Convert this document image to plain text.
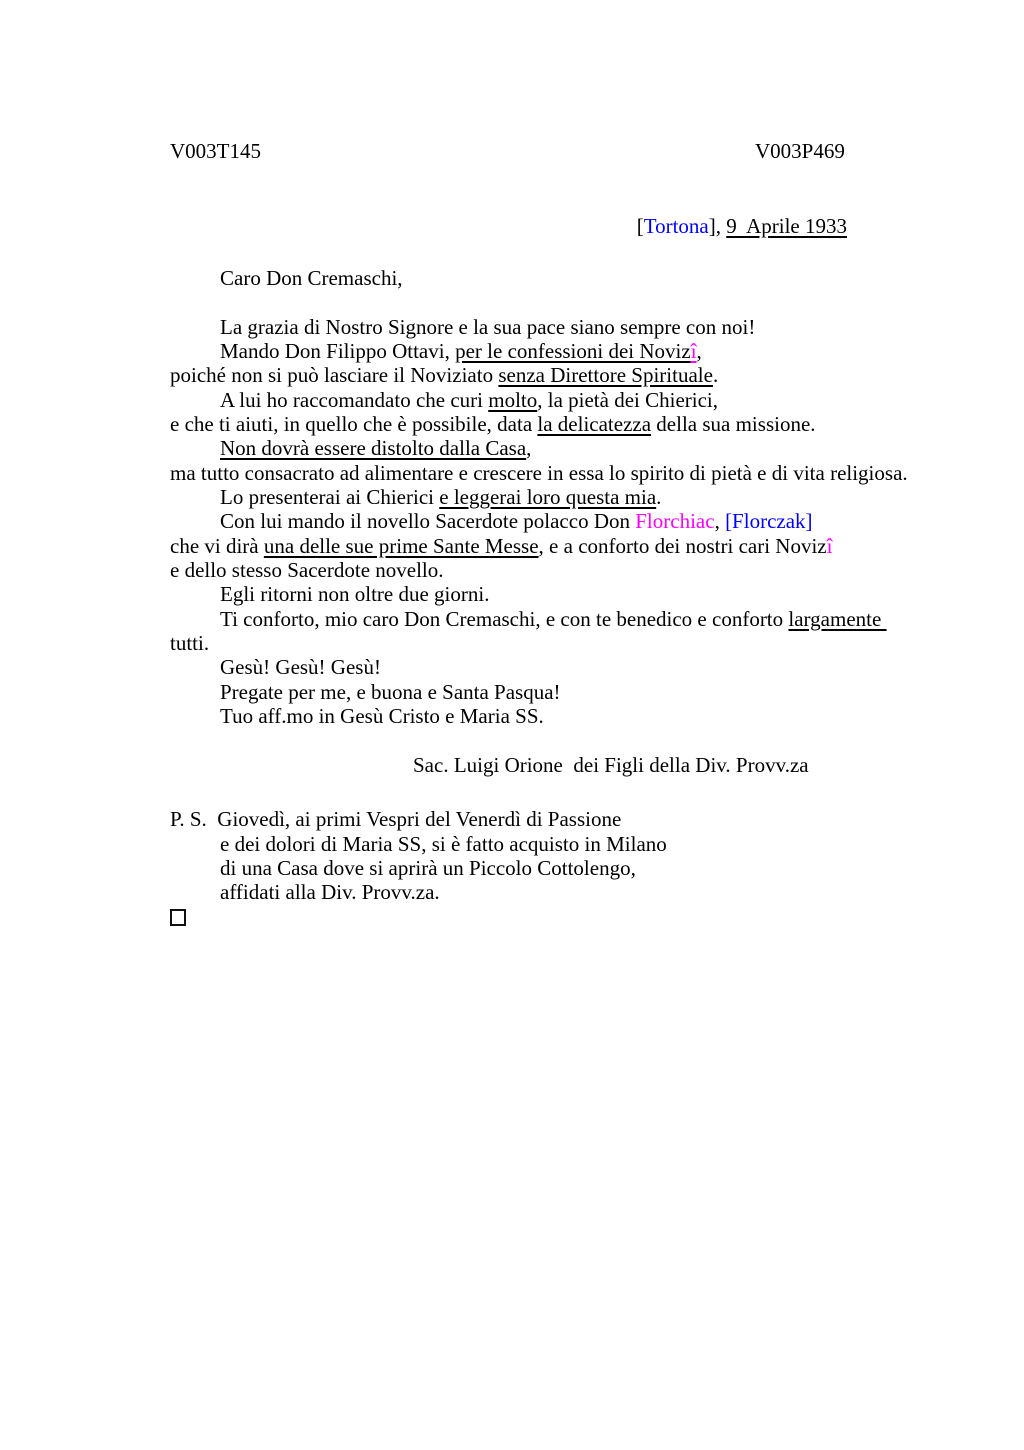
V003T145	V003P469
[Tortona], 9  Aprile 1933
Caro Don Cremaschi,
La grazia di Nostro Signore e la sua pace siano sempre con noi!
Mando Don Filippo Ottavi, per le confessioni dei Novizî,
poiché non si può lasciare il Noviziato senza Direttore Spirituale.
A lui ho raccomandato che curi molto, la pietà dei Chierici,
e che ti aiuti, in quello che è possibile, data la delicatezza della sua missione.
Non dovrà essere distolto dalla Casa,
ma tutto consacrato ad alimentare e crescere in essa lo spirito di pietà e di vita religiosa.
Lo presenterai ai Chierici e leggerai loro questa mia.
Con lui mando il novello Sacerdote polacco Don Florchiac, [Florczak]
che vi dirà una delle sue prime Sante Messe, e a conforto dei nostri cari Novizî
e dello stesso Sacerdote novello.
Egli ritorni non oltre due giorni.
Ti conforto, mio caro Don Cremaschi, e con te benedico e conforto largamente
tutti.
Gesù! Gesù! Gesù!
Pregate per me, e buona e Santa Pasqua!
Tuo aff.mo in Gesù Cristo e Maria SS.
Sac. Luigi Orione  dei Figli della Div. Provv.za
P. S.  Giovedì, ai primi Vespri del Venerdì di Passione
e dei dolori di Maria SS, si è fatto acquisto in Milano
di una Casa dove si aprirà un Piccolo Cottolengo,
affidati alla Div. Provv.za.
